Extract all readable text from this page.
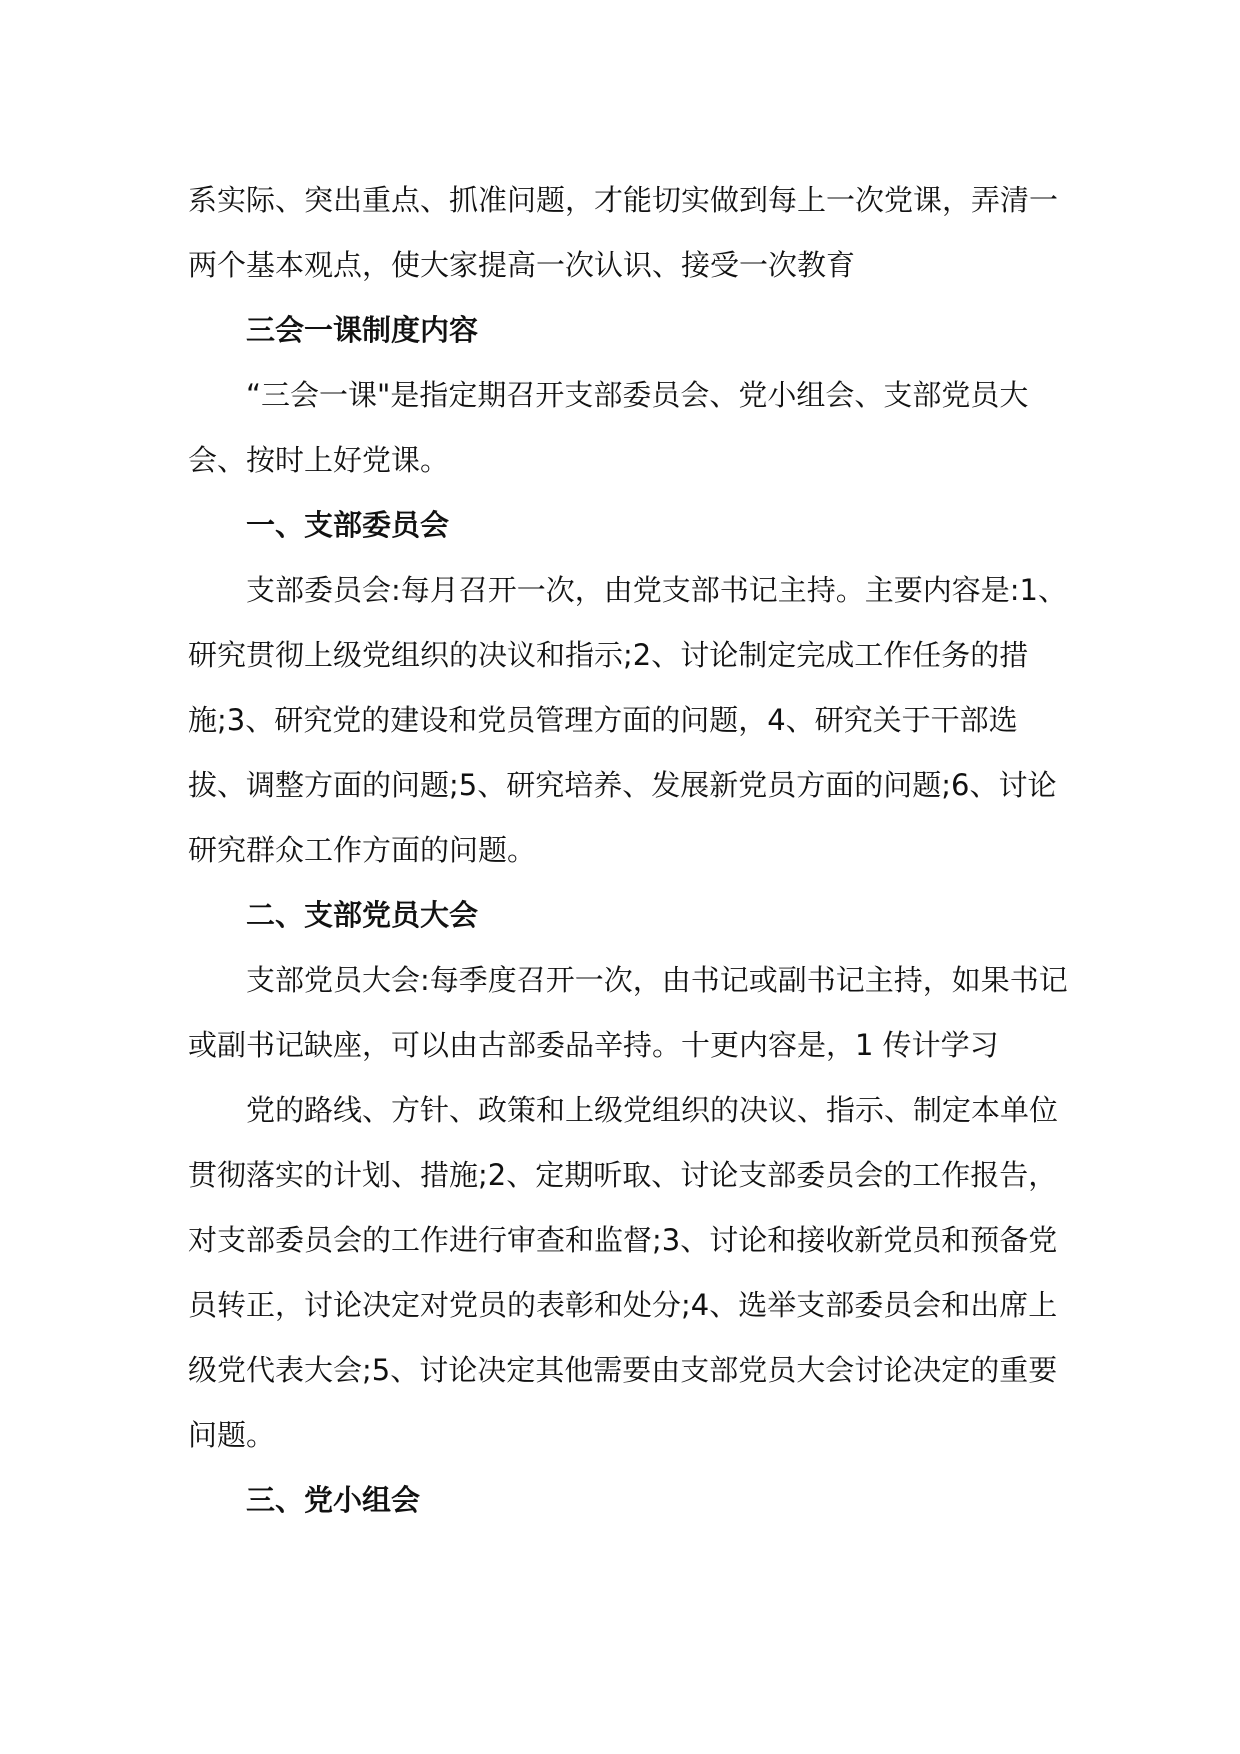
系实际、突出重点、抓准问题，才能切实做到每上一次党课，弄清一两个基本观点，使大家提高一次认识、接受一次教育

三会一课制度内容

“三会一课"是指定期召开支部委员会、党小组会、支部党员大会、按时上好党课。

一、支部委员会

支部委员会:每月召开一次，由党支部书记主持。主要内容是:1、研究贯彻上级党组织的决议和指示;2、讨论制定完成工作任务的措施;3、研究党的建设和党员管理方面的问题，4、研究关于干部选拔、调整方面的问题;5、研究培养、发展新党员方面的问题;6、讨论研究群众工作方面的问题。

二、支部党员大会

支部党员大会:每季度召开一次，由书记或副书记主持，如果书记或副书记缺座，可以由古部委品辛持。十更内容是，1 传计学习

党的路线、方针、政策和上级党组织的决议、指示、制定本单位贯彻落实的计划、措施;2、定期听取、讨论支部委员会的工作报告，对支部委员会的工作进行审查和监督;3、讨论和接收新党员和预备党员转正，讨论决定对党员的表彰和处分;4、选举支部委员会和出席上级党代表大会;5、讨论决定其他需要由支部党员大会讨论决定的重要问题。

三、党小组会
